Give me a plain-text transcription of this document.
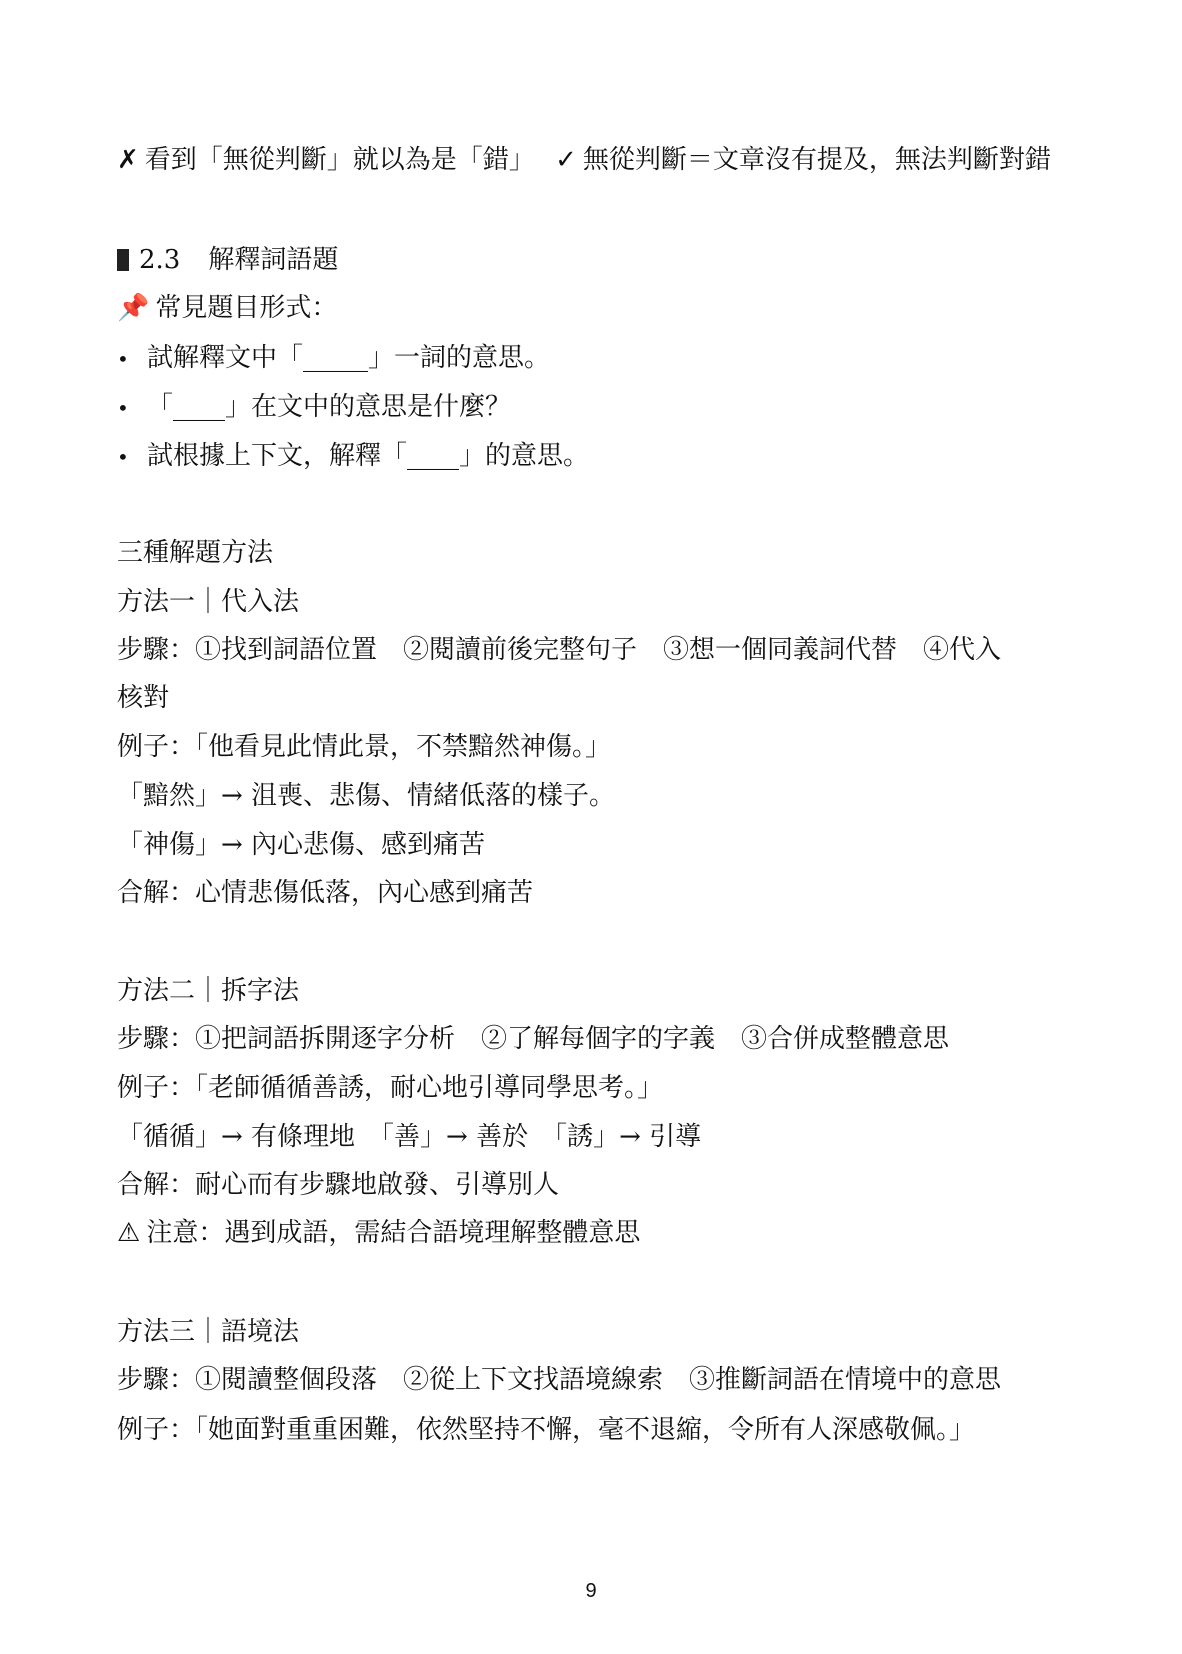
✗ 看到「無從判斷」就以為是「錯」 ✓ 無從判斷＝文章沒有提及，無法判斷對錯
2.3 解釋詞語題
📌 常見題目形式：
• 試解釋文中「_____」一詞的意思。
• 「____」在文中的意思是什麼？
• 試根據上下文，解釋「____」的意思。
三種解題方法
方法一｜代入法
步驟：①找到詞語位置　②閱讀前後完整句子　③想一個同義詞代替　④代入
核對
例子：「他看見此情此景，不禁黯然神傷。」
「黯然」→ 沮喪、悲傷、情緒低落的樣子。
「神傷」→ 內心悲傷、感到痛苦
合解：心情悲傷低落，內心感到痛苦
方法二｜拆字法
步驟：①把詞語拆開逐字分析　②了解每個字的字義　③合併成整體意思
例子：「老師循循善誘，耐心地引導同學思考。」
「循循」→ 有條理地　「善」→ 善於　「誘」→ 引導
合解：耐心而有步驟地啟發、引導別人
⚠ 注意：遇到成語，需結合語境理解整體意思
方法三｜語境法
步驟：①閱讀整個段落　②從上下文找語境線索　③推斷詞語在情境中的意思
例子：「她面對重重困難，依然堅持不懈，毫不退縮，令所有人深感敬佩。」
9
